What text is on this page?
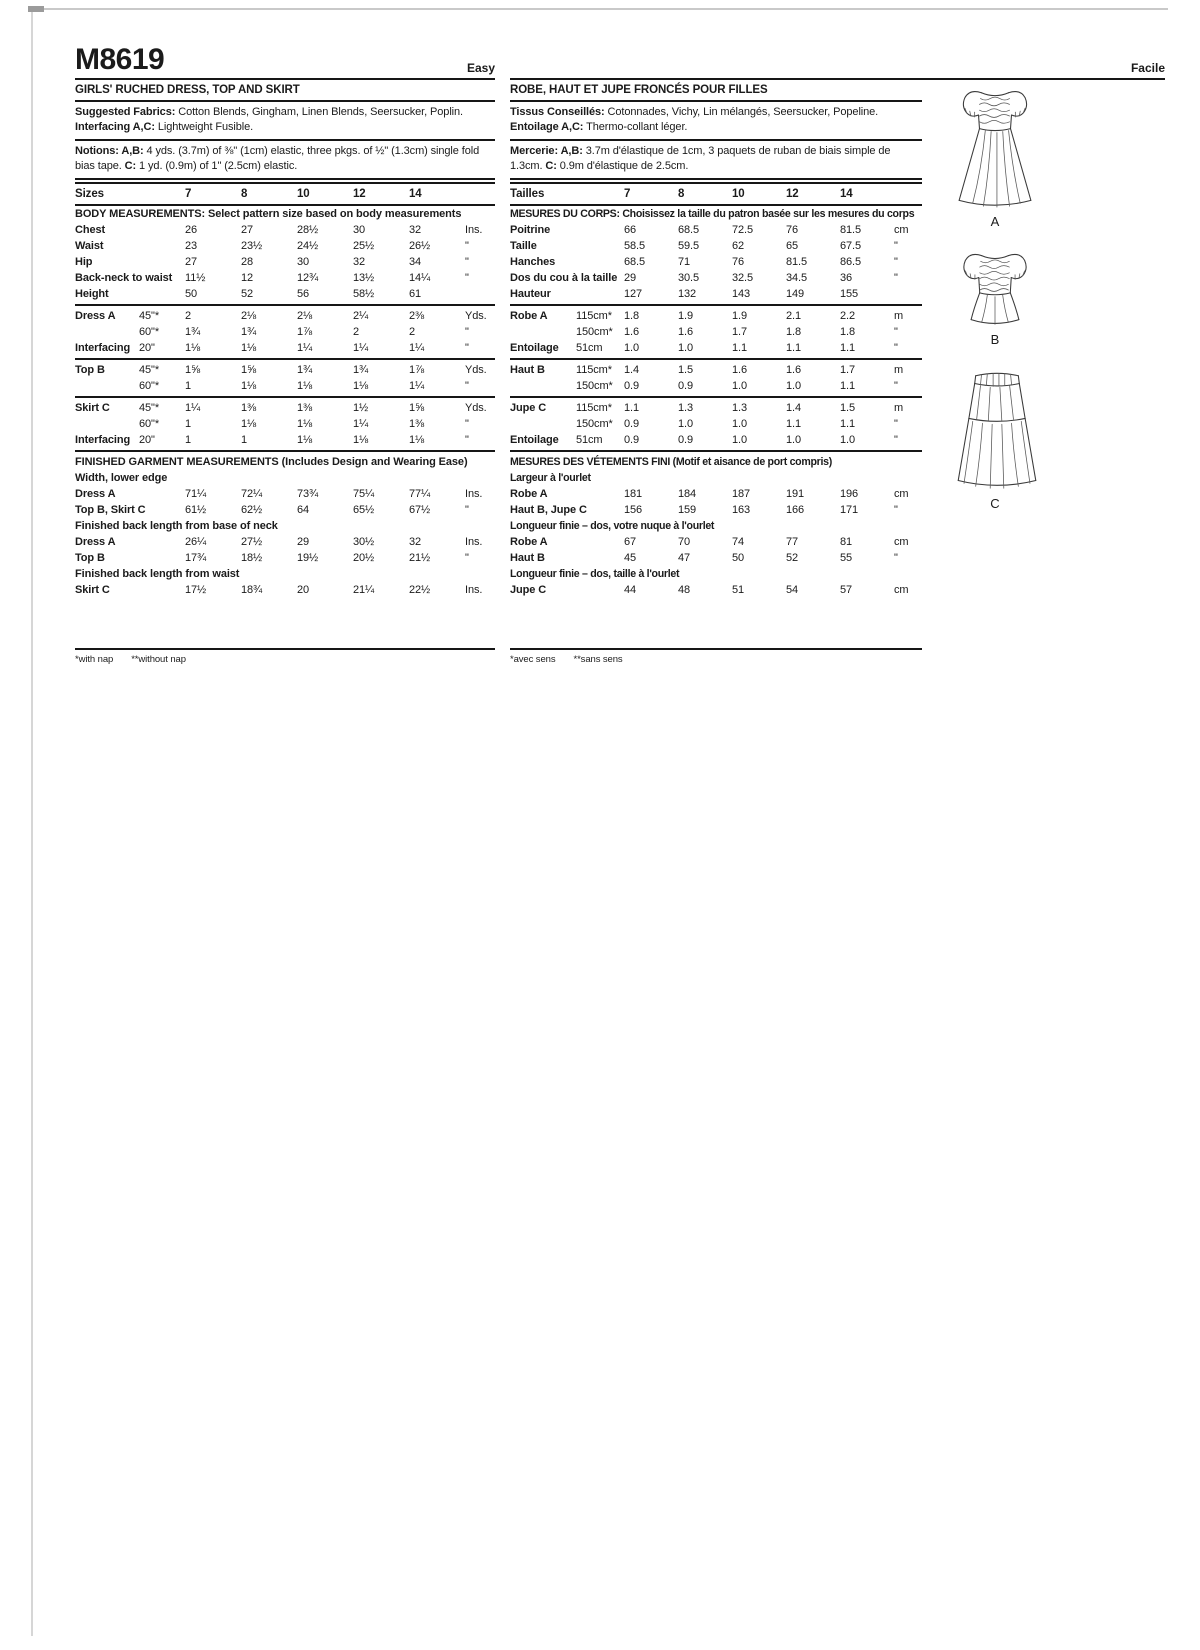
M8619	Easy
GIRLS' RUCHED DRESS, TOP AND SKIRT

Suggested Fabrics: Cotton Blends, Gingham, Linen Blends, Seersucker, Poplin. Interfacing A,C: Lightweight Fusible.

Notions: A,B: 4 yds. (3.7m) of ⅜" (1cm) elastic, three pkgs. of ½" (1.3cm) single fold bias tape. C: 1 yd. (0.9m) of 1" (2.5cm) elastic.

Sizes	7	8	10	12	14
BODY MEASUREMENTS: Select pattern size based on body measurements
Chest	26	27	28½	30	32	Ins.
Waist	23	23½	24½	25½	26½	"
Hip	27	28	30	32	34	"
Back-neck to waist 11½	12	12¾	13½	14¼	"
Height	50	52	56	58½	61
Dress A	45"*	2	2⅛	2⅛	2¼	2⅜	Yds.
60"*	1¾	1¾	1⅞	2	2	"
Interfacing 20"	1⅛	1⅛	1¼	1¼	1¼	"
Top B	45"*	1⅝	1⅝	1¾	1¾	1⅞	Yds.
60"*	1	1⅛	1⅛	1⅛	1¼	"
Skirt C	45"*	1¼	1⅜	1⅜	1½	1⅝	Yds.
60"*	1	1⅛	1⅛	1¼	1⅜	"
Interfacing 20"	1	1	1⅛	1⅛	1⅛	"
FINISHED GARMENT MEASUREMENTS (Includes Design and Wearing Ease)
Width, lower edge
Dress A	71¼	72¼	73¾	75¼	77¼	Ins.
Top B, Skirt C	61½	62½	64	65½	67½	"
Finished back length from base of neck
Dress A	26¼	27½	29	30½	32	Ins.
Top B	17¾	18½	19½	20½	21½	"
Finished back length from waist
Skirt C	17½	18¾	20	21¼	22½	Ins.
*with nap **without nap
Facile
ROBE, HAUT ET JUPE FRONCÉS POUR FILLES

Tissus Conseillés: Cotonnades, Vichy, Lin mélangés, Seersucker, Popeline. Entoilage A,C: Thermo-collant léger.

Mercerie: A,B: 3.7m d'élastique de 1cm, 3 paquets de ruban de biais simple de 1.3cm. C: 0.9m d'élastique de 2.5cm.

Tailles	7	8	10	12	14
MESURES DU CORPS: Choisissez la taille du patron basée sur les mesures du corps
Poitrine	66	68.5	72.5	76	81.5	cm
Taille	58.5	59.5	62	65	67.5	"
Hanches	68.5	71	76	81.5	86.5	"
Dos du cou à la taille 29	30.5	32.5	34.5	36	"
Hauteur	127	132	143	149	155
Robe A	115cm*	1.8	1.9	1.9	2.1	2.2	m
150cm*	1.6	1.6	1.7	1.8	1.8	"
Entoilage	51cm	1.0	1.0	1.1	1.1	1.1	"
Haut B	115cm*	1.4	1.5	1.6	1.6	1.7	m
150cm*	0.9	0.9	1.0	1.0	1.1	"
Jupe C	115cm*	1.1	1.3	1.3	1.4	1.5	m
150cm*	0.9	1.0	1.0	1.1	1.1	"
Entoilage	51cm	0.9	0.9	1.0	1.0	1.0	"
MESURES DES VÉTEMENTS FINI (Motif et aisance de port compris)
Largeur à l'ourlet
Robe A	181	184	187	191	196	cm
Haut B, Jupe C	156	159	163	166	171	"
Longueur finie – dos, votre nuque à l'ourlet
Robe A	67	70	74	77	81	cm
Haut B	45	47	50	52	55	"
Longueur finie – dos, taille à l'ourlet
Jupe C	44	48	51	54	57	cm
*avec sens **sans sens
A
B
C
